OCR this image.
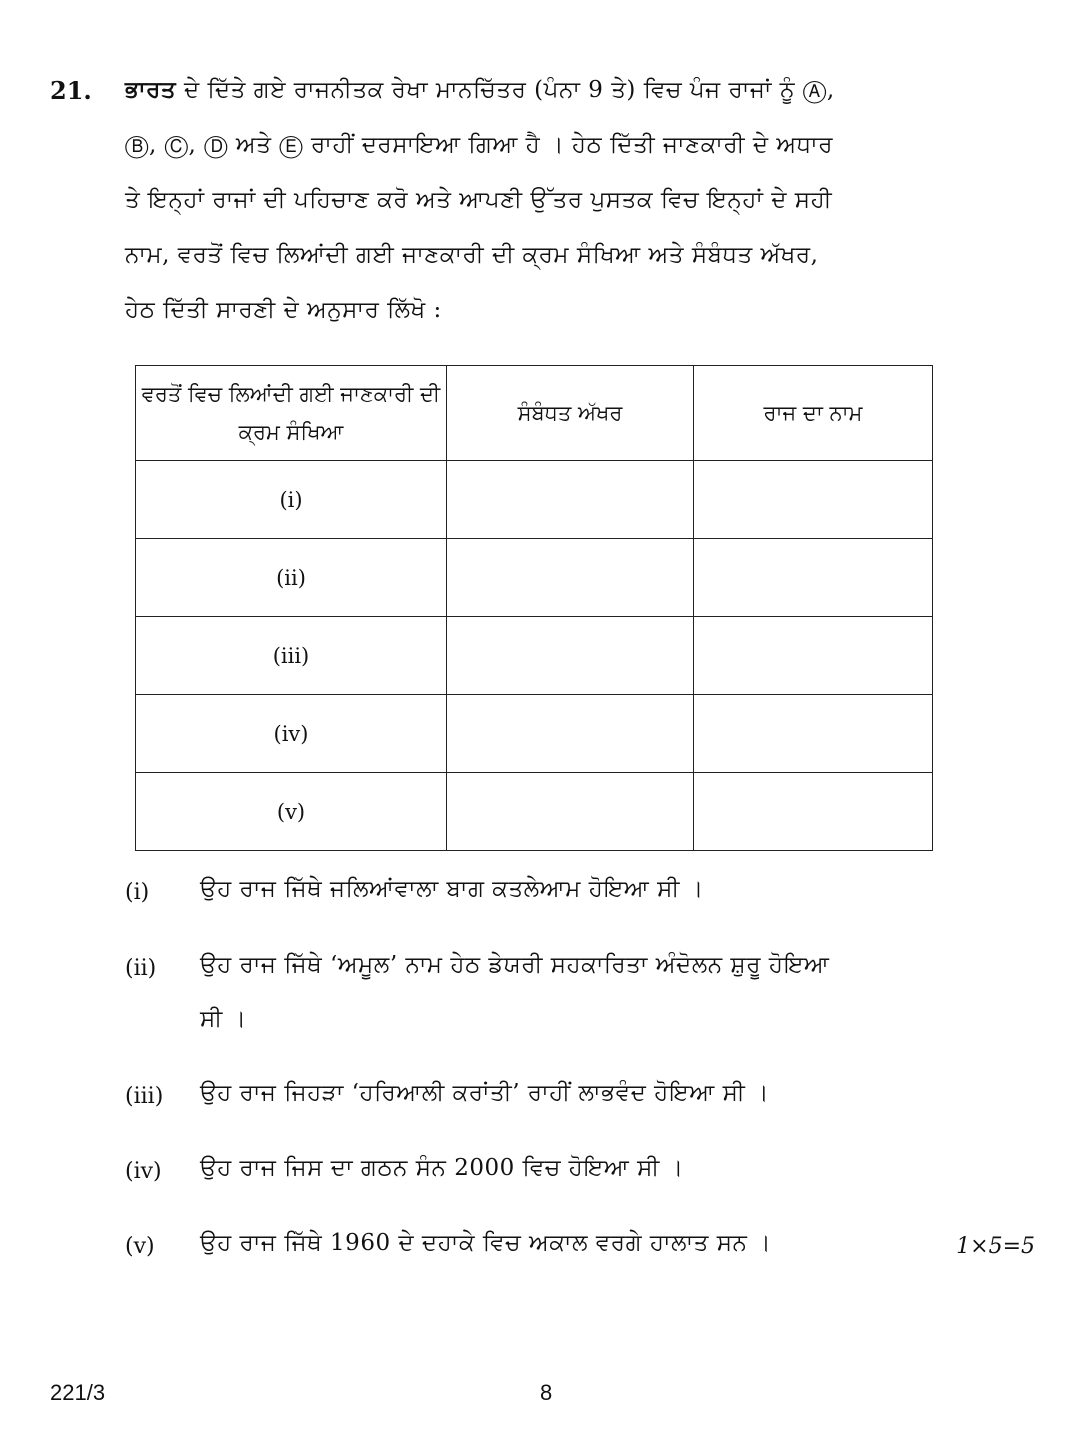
21. ਭਾਰਤ ਦੇ ਦਿੱਤੇ ਗਏ ਰਾਜਨੀਤਕ ਰੇਖਾ ਮਾਨਚਿੱਤਰ (ਪੰਨਾ 9 ਤੇ) ਵਿਚ ਪੰਜ ਰਾਜਾਂ ਨੂੰ Ⓐ,
Ⓑ, Ⓒ, Ⓓ ਅਤੇ Ⓔ ਰਾਹੀਂ ਦਰਸਾਇਆ ਗਿਆ ਹੈ । ਹੇਠ ਦਿੱਤੀ ਜਾਣਕਾਰੀ ਦੇ ਅਧਾਰ
ਤੇ ਇਨ੍ਹਾਂ ਰਾਜਾਂ ਦੀ ਪਹਿਚਾਣ ਕਰੋ ਅਤੇ ਆਪਣੀ ਉੱਤਰ ਪੁਸਤਕ ਵਿਚ ਇਨ੍ਹਾਂ ਦੇ ਸਹੀ
ਨਾਮ, ਵਰਤੋਂ ਵਿਚ ਲਿਆਂਦੀ ਗਈ ਜਾਣਕਾਰੀ ਦੀ ਕ੍ਰਮ ਸੰਖਿਆ ਅਤੇ ਸੰਬੰਧਤ ਅੱਖਰ,
ਹੇਠ ਦਿੱਤੀ ਸਾਰਣੀ ਦੇ ਅਨੁਸਾਰ ਲਿੱਖੋ :
ਵਰਤੋਂ ਵਿਚ ਲਿਆਂਦੀ ਗਈ ਜਾਣਕਾਰੀ ਦੀ ਕ੍ਰਮ ਸੰਖਿਆ	ਸੰਬੰਧਤ ਅੱਖਰ	ਰਾਜ ਦਾ ਨਾਮ
(i)		
(ii)		
(iii)		
(iv)		
(v)		
(i) ਉਹ ਰਾਜ ਜਿੱਥੇ ਜਲਿਆਂਵਾਲਾ ਬਾਗ ਕਤਲੇਆਮ ਹੋਇਆ ਸੀ ।
(ii) ਉਹ ਰਾਜ ਜਿੱਥੇ ‘ਅਮੂਲ’ ਨਾਮ ਹੇਠ ਡੇਯਰੀ ਸਹਕਾਰਿਤਾ ਅੰਦੋਲਨ ਸ਼ੁਰੂ ਹੋਇਆ
ਸੀ ।
(iii) ਉਹ ਰਾਜ ਜਿਹੜਾ ‘ਹਰਿਆਲੀ ਕਰਾਂਤੀ’ ਰਾਹੀਂ ਲਾਭਵੰਦ ਹੋਇਆ ਸੀ ।
(iv) ਉਹ ਰਾਜ ਜਿਸ ਦਾ ਗਠਨ ਸੰਨ 2000 ਵਿਚ ਹੋਇਆ ਸੀ ।
(v) ਉਹ ਰਾਜ ਜਿੱਥੇ 1960 ਦੇ ਦਹਾਕੇ ਵਿਚ ਅਕਾਲ ਵਰਗੇ ਹਾਲਾਤ ਸਨ ।	1×5=5
221/3	8
